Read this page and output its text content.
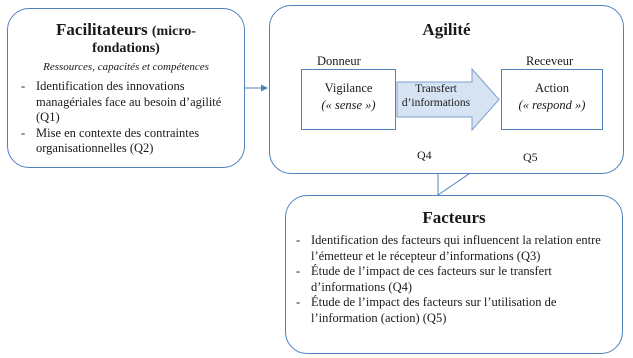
Facilitateurs (micro-
fondations)
Ressources, capacités et compétences
- Identification des innovations managériales face au besoin d’agilité (Q1)
- Mise en contexte des contraintes organisationnelles (Q2)
Agilité
Donneur	Receveur
Vigilance
(« sense »)
Transfert
d’informations
Action
(« respond »)
Q4	Q5
Facteurs
- Identification des facteurs qui influencent la relation entre l’émetteur et le récepteur d’informations (Q3)
- Étude de l’impact de ces facteurs sur le transfert d’informations (Q4)
- Étude de l’impact des facteurs sur l’utilisation de l’information (action) (Q5)
